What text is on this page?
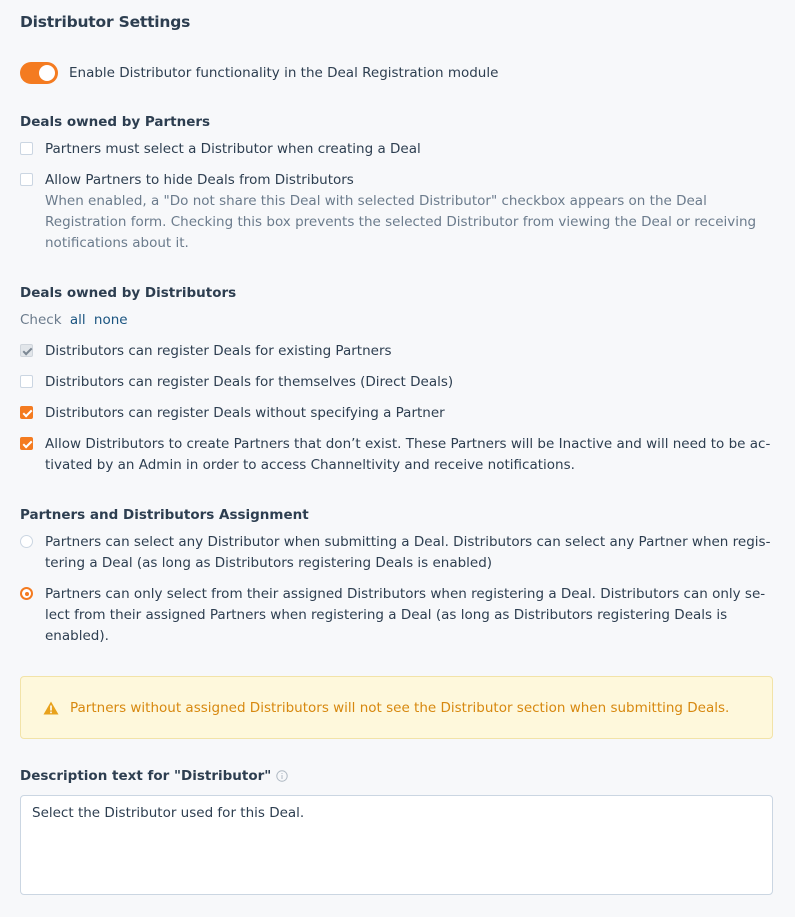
Distributor Settings
Enable Distributor functionality in the Deal Registration module
Deals owned by Partners
Partners must select a Distributor when creating a Deal
Allow Partners to hide Deals from Distributors
When enabled, a "Do not share this Deal with selected Distributor" checkbox appears on the Deal Registration form. Checking this box prevents the selected Distributor from viewing the Deal or receiving notifications about it.
Deals owned by Distributors
Check all none
Distributors can register Deals for existing Partners
Distributors can register Deals for themselves (Direct Deals)
Distributors can register Deals without specifying a Partner
Allow Distributors to create Partners that don’t exist. These Partners will be Inactive and will need to be ac-tivated by an Admin in order to access Channeltivity and receive notifications.
Partners and Distributors Assignment
Partners can select any Distributor when submitting a Deal. Distributors can select any Partner when regis-tering a Deal (as long as Distributors registering Deals is enabled)
Partners can only select from their assigned Distributors when registering a Deal. Distributors can only se-lect from their assigned Partners when registering a Deal (as long as Distributors registering Deals is enabled).
Partners without assigned Distributors will not see the Distributor section when submitting Deals.
Description text for "Distributor"
Select the Distributor used for this Deal.
